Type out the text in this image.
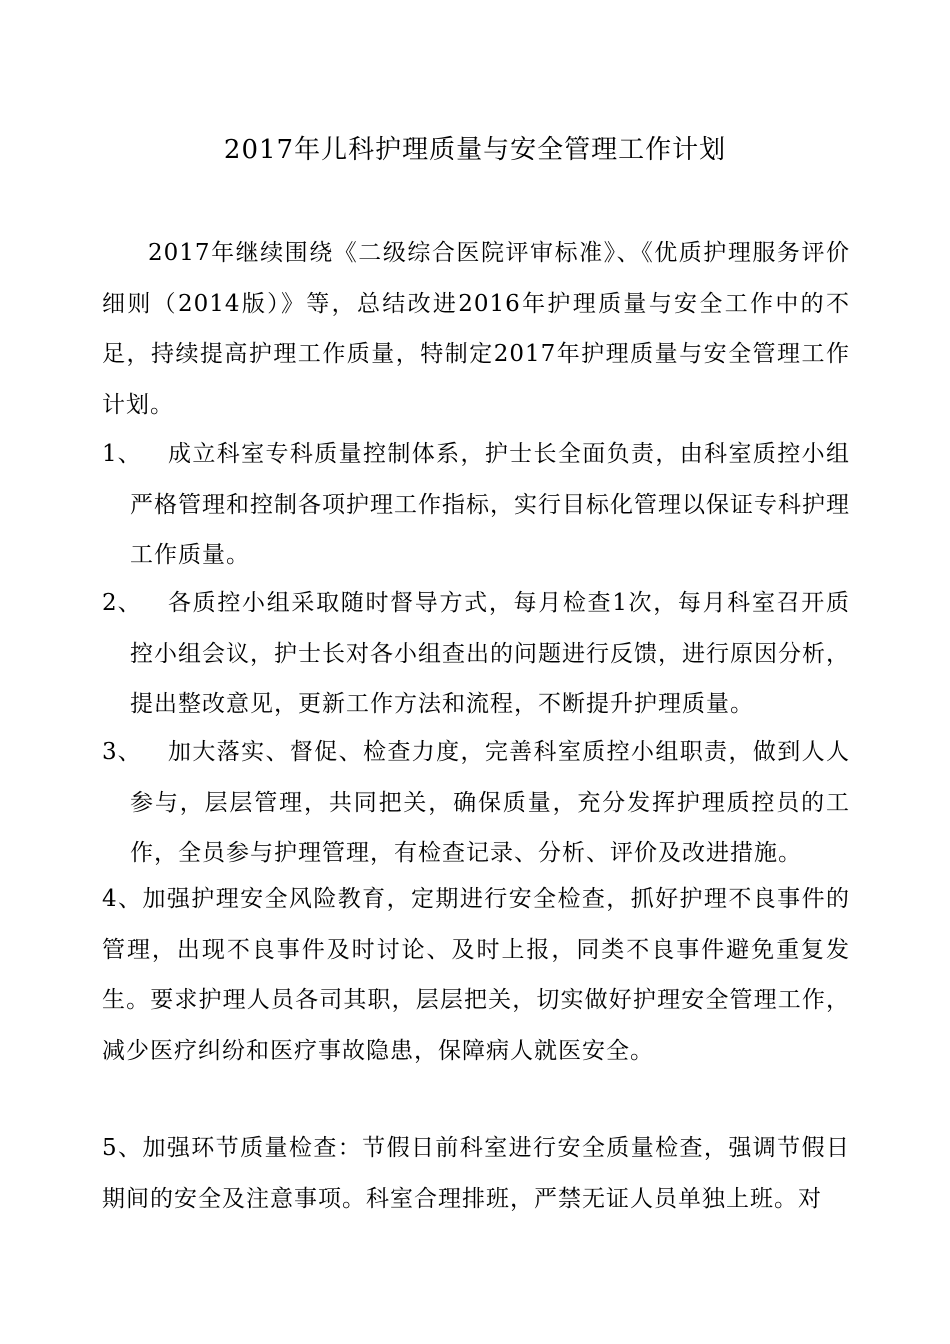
2017年儿科护理质量与安全管理工作计划

2017年继续围绕《二级综合医院评审标准》、《优质护理服务评价细则（2014版）》等，总结改进2016年护理质量与安全工作中的不足，持续提高护理工作质量，特制定2017年护理质量与安全管理工作计划。

1、	成立科室专科质量控制体系，护士长全面负责，由科室质控小组严格管理和控制各项护理工作指标，实行目标化管理以保证专科护理工作质量。
2、	各质控小组采取随时督导方式，每月检查1次，每月科室召开质控小组会议，护士长对各小组查出的问题进行反馈，进行原因分析，提出整改意见，更新工作方法和流程，不断提升护理质量。
3、	加大落实、督促、检查力度，完善科室质控小组职责，做到人人参与，层层管理，共同把关，确保质量，充分发挥护理质控员的工作，全员参与护理管理，有检查记录、分析、评价及改进措施。

4、加强护理安全风险教育，定期进行安全检查，抓好护理不良事件的管理，出现不良事件及时讨论、及时上报，同类不良事件避免重复发生。要求护理人员各司其职，层层把关，切实做好护理安全管理工作，减少医疗纠纷和医疗事故隐患，保障病人就医安全。

5、加强环节质量检查：节假日前科室进行安全质量检查，强调节假日期间的安全及注意事项。科室合理排班，严禁无证人员单独上班。对
